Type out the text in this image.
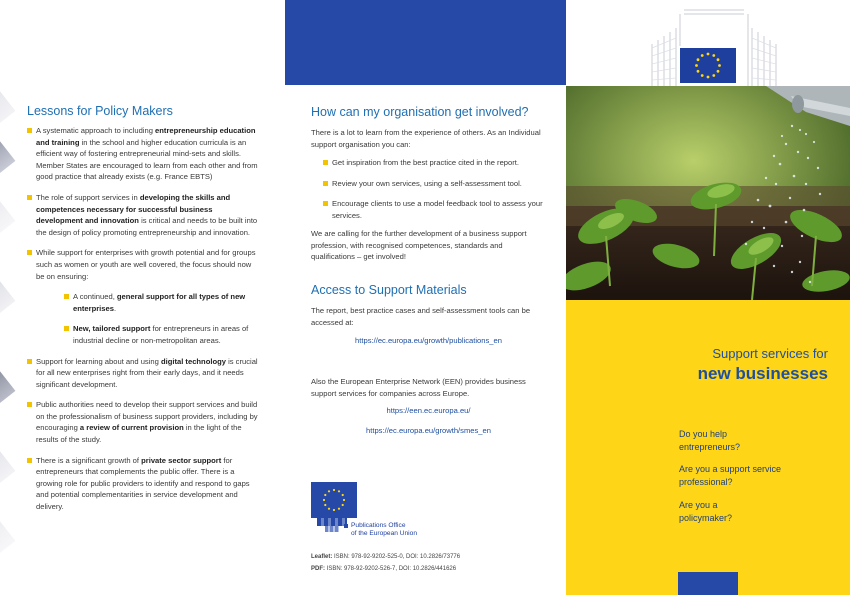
Lessons for Policy Makers
A systematic approach to including entrepreneurship education and training in the school and higher education curricula is an efficient way of fostering entrepreneurial mind-sets and skills. Member States are encouraged to learn from each other and from good practice that already exists (e.g. France EBTS)
The role of support services in developing the skills and competences necessary for successful business development and innovation is critical and needs to be built into the design of policy promoting entrepreneurship and innovation.
While support for enterprises with growth potential and for groups such as women or youth are well covered, the focus should now be on ensuring:
A continued, general support for all types of new enterprises.
New, tailored support for entrepreneurs in areas of industrial decline or non-metropolitan areas.
Support for learning about and using digital technology is crucial for all new enterprises right from their early days, and it needs significant development.
Public authorities need to develop their support services and build on the professionalism of business support providers, including by encouraging a review of current provision in the light of the results of the study.
There is a significant growth of private sector support for entrepreneurs that complements the public offer. There is a growing role for public providers to identify and respond to gaps and potential complementarities in service development and delivery.
How can my organisation get involved?

There is a lot to learn from the experience of others. As an Individual support organisation you can:

Get inspiration from the best practice cited in the report.
Review your own services, using a self-assessment tool.
Encourage clients to use a model feedback tool to assess your services.

We are calling for the further development of a business support profession, with recognised competences, standards and qualifications – get involved!

Access to Support Materials

The report, best practice cases and self-assessment tools can be accessed at:

https://ec.europa.eu/growth/publications_en

Also the European Enterprise Network (EEN) provides business support services for companies across Europe.

https://een.ec.europa.eu/
https://ec.europa.eu/growth/smes_en
Publications Office
of the European Union
Leaflet: ISBN: 978-92-9202-525-0, DOI: 10.2826/73776
PDF: ISBN: 978-92-9202-526-7, DOI: 10.2826/441626
Support services for
new businesses
Do you help entrepreneurs?
Are you a support service professional?
Are you a policymaker?
